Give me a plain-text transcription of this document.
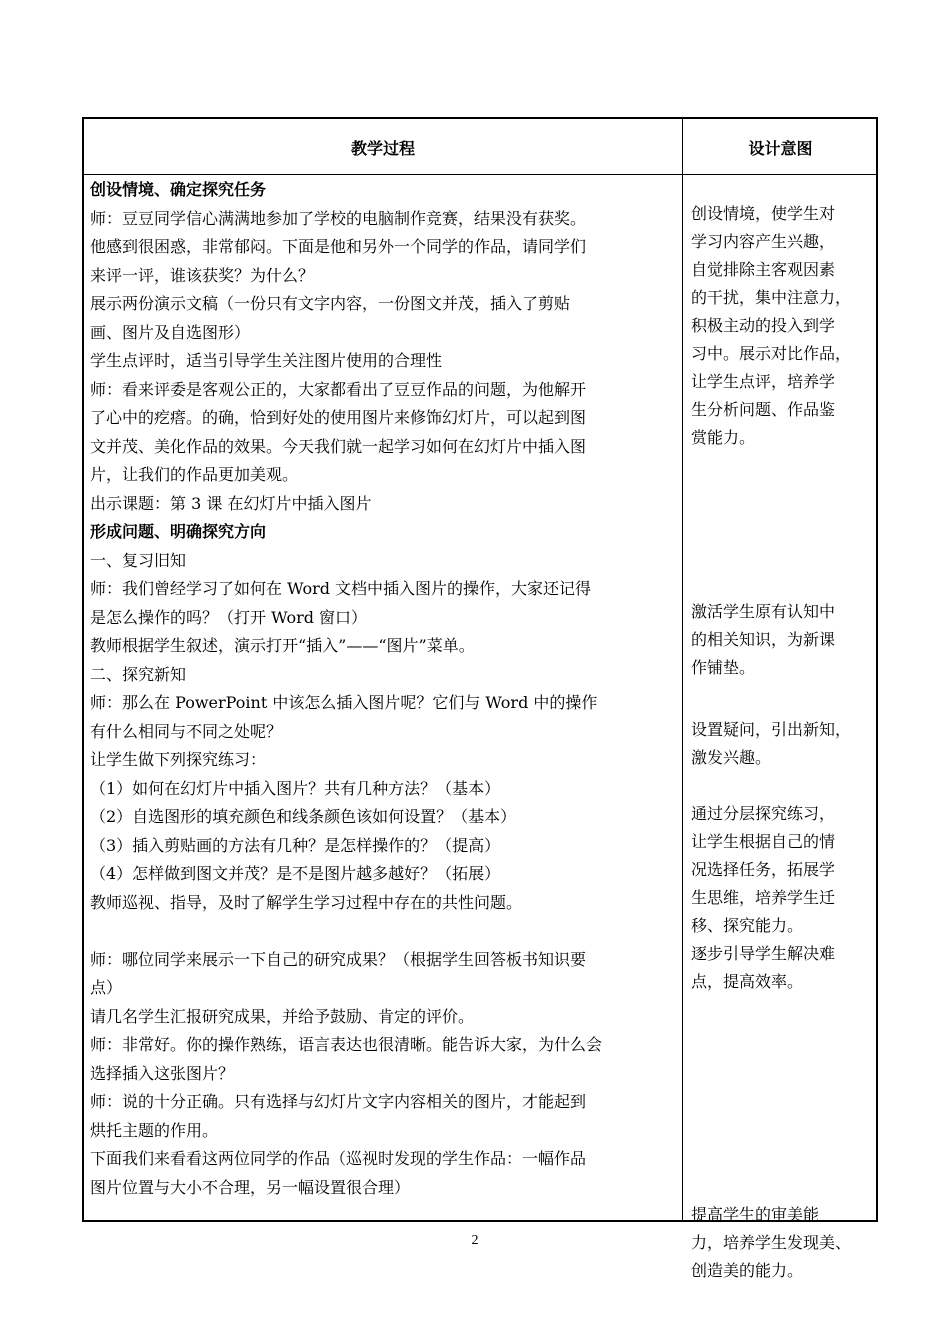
教学过程	设计意图
创设情境、确定探究任务
师：豆豆同学信心满满地参加了学校的电脑制作竞赛，结果没有获奖。
他感到很困惑，非常郁闷。下面是他和另外一个同学的作品，请同学们
来评一评，谁该获奖？为什么？
展示两份演示文稿（一份只有文字内容，一份图文并茂，插入了剪贴
画、图片及自选图形）
学生点评时，适当引导学生关注图片使用的合理性
师：看来评委是客观公正的，大家都看出了豆豆作品的问题，为他解开
了心中的疙瘩。的确，恰到好处的使用图片来修饰幻灯片，可以起到图
文并茂、美化作品的效果。今天我们就一起学习如何在幻灯片中插入图
片，让我们的作品更加美观。
出示课题：第 3 课 在幻灯片中插入图片
形成问题、明确探究方向
一、复习旧知
师：我们曾经学习了如何在 Word 文档中插入图片的操作，大家还记得
是怎么操作的吗？（打开 Word 窗口）
教师根据学生叙述，演示打开“插入”——“图片”菜单。
二、探究新知
师：那么在 PowerPoint 中该怎么插入图片呢？它们与 Word 中的操作
有什么相同与不同之处呢？
让学生做下列探究练习：
（1）如何在幻灯片中插入图片？共有几种方法？（基本）
（2）自选图形的填充颜色和线条颜色该如何设置？（基本）
（3）插入剪贴画的方法有几种？是怎样操作的？（提高）
（4）怎样做到图文并茂？是不是图片越多越好？（拓展）
教师巡视、指导，及时了解学生学习过程中存在的共性问题。

师：哪位同学来展示一下自己的研究成果？（根据学生回答板书知识要
点）
请几名学生汇报研究成果，并给予鼓励、肯定的评价。
师：非常好。你的操作熟练，语言表达也很清晰。能告诉大家，为什么会
选择插入这张图片？
师：说的十分正确。只有选择与幻灯片文字内容相关的图片，才能起到
烘托主题的作用。
下面我们来看看这两位同学的作品（巡视时发现的学生作品：一幅作品
图片位置与大小不合理，另一幅设置很合理）
创设情境，使学生对
学习内容产生兴趣，
自觉排除主客观因素
的干扰，集中注意力，
积极主动的投入到学
习中。展示对比作品，
让学生点评，培养学
生分析问题、作品鉴
赏能力。
激活学生原有认知中
的相关知识，为新课
作铺垫。
设置疑问，引出新知，
激发兴趣。
通过分层探究练习，
让学生根据自己的情
况选择任务，拓展学
生思维，培养学生迁
移、探究能力。
逐步引导学生解决难
点，提高效率。
提高学生的审美能
力，培养学生发现美、
创造美的能力。
2
